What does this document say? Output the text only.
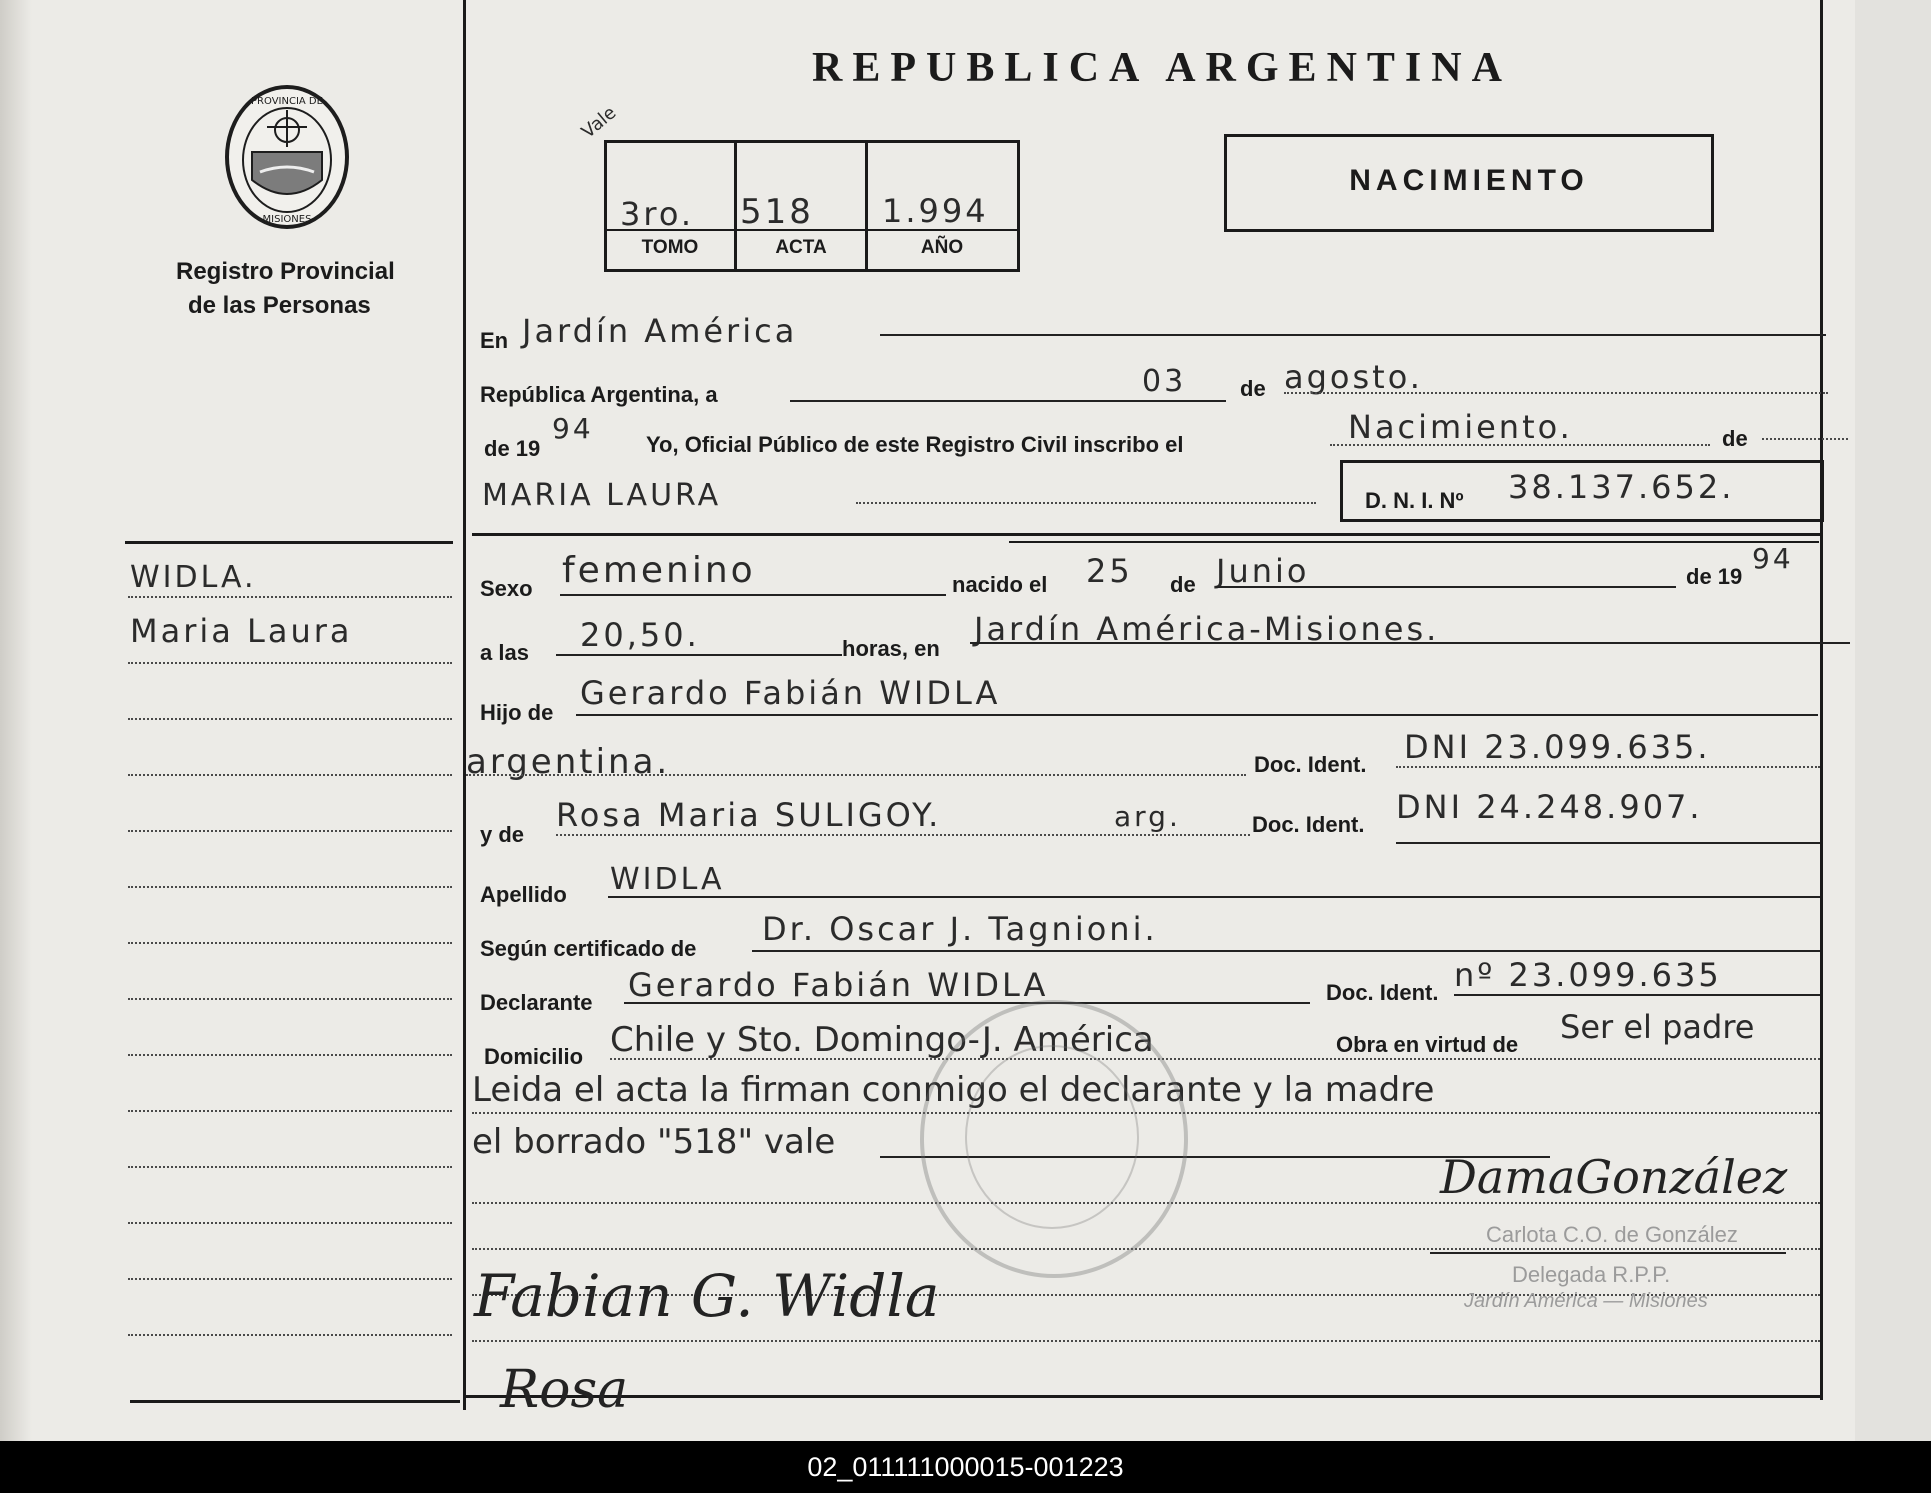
PROVINCIA DE
MISIONES
Registro Provincial
de las Personas
REPUBLICA ARGENTINA
NACIMIENTO
3ro. 518 1.994
TOMO	ACTA	AÑO
Vale
En Jardín América
República Argentina, a	03 de agosto.
de 19
94 Yo, Oficial Público de este Registro Civil inscribo el	Nacimiento.	de
MARIA LAURA	D. N. I. Nº 38.137.652.
Sexo femenino	nacido el 25 de Junio	de 19
94
a las 20,50.	horas, en
Jardín América-Misiones.
Hijo de
Gerardo Fabián WIDLA
argentina.	Doc. Ident. DNI 23.099.635.
y de
Rosa Maria SULIGOY.	arg.	Doc. Ident. DNI 24.248.907.
Apellido WIDLA
Según certificado de
Dr. Oscar J. Tagnioni.
Declarante Gerardo Fabián WIDLA	Doc. Ident. nº 23.099.635
Domicilio Chile y Sto. Domingo-J. América	Obra en virtud de Ser el padre
Leida el acta la firman conmigo el declarante y la madre
el borrado "518" vale
WIDLA.
Maria Laura
DamaGonzález
Carlota C.O. de González
Delegada R.P.P.
Jardín América — Misiones
Fabian G. Widla
Rosa
02_011111000015-001223
